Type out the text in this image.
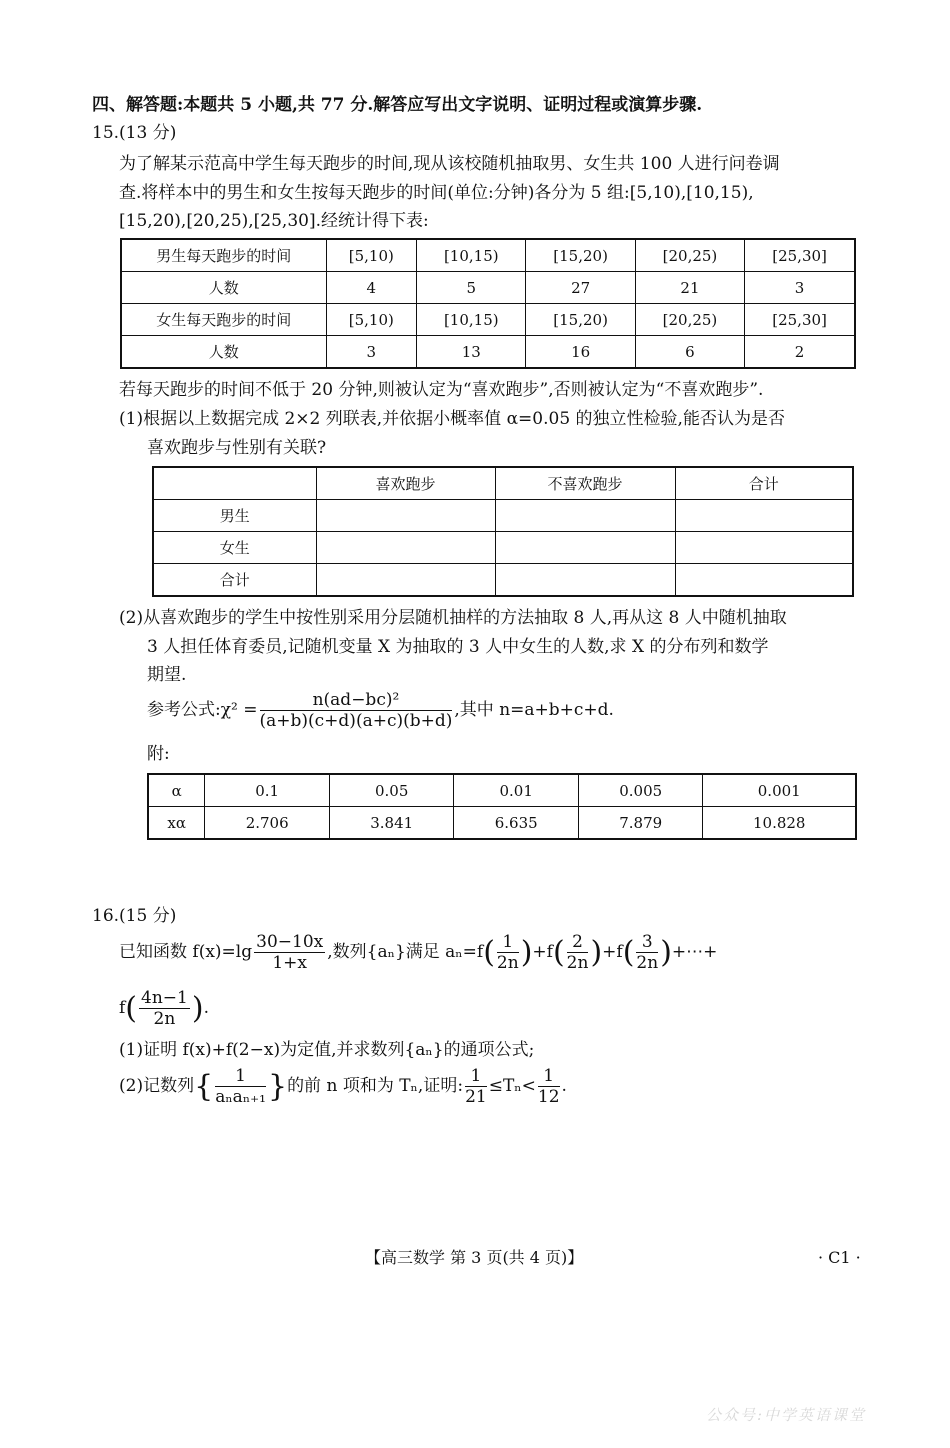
四、解答题:本题共 5 小题,共 77 分.解答应写出文字说明、证明过程或演算步骤.
15.(13 分)
为了解某示范高中学生每天跑步的时间,现从该校随机抽取男、女生共 100 人进行问卷调
查.将样本中的男生和女生按每天跑步的时间(单位:分钟)各分为 5 组:[5,10),[10,15),
[15,20),[20,25),[25,30].经统计得下表:
男生每天跑步的时间	[5,10)	[10,15)	[15,20)	[20,25)	[25,30]
人数	4	5	27	21	3
女生每天跑步的时间	[5,10)	[10,15)	[15,20)	[20,25)	[25,30]
人数	3	13	16	6	2
若每天跑步的时间不低于 20 分钟,则被认定为“喜欢跑步”,否则被认定为“不喜欢跑步”.
(1)根据以上数据完成 2×2 列联表,并依据小概率值 α=0.05 的独立性检验,能否认为是否
喜欢跑步与性别有关联?
	喜欢跑步	不喜欢跑步	合计
男生			
女生			
合计			
(2)从喜欢跑步的学生中按性别采用分层随机抽样的方法抽取 8 人,再从这 8 人中随机抽取
3 人担任体育委员,记随机变量 X 为抽取的 3 人中女生的人数,求 X 的分布列和数学
期望.
参考公式:χ² = $\frac{\text{n(ad−bc)²}}{(a+b)(c+d)(a+c)(b+d)}$ ,其中 n=a+b+c+d.
附:
α	0.1	0.05	0.01	0.005	0.001
xα	2.706	3.841	6.635	7.879	10.828
16.(15 分)
已知函数 $f(x)=\lg \frac{30-10x}{1+x}$ ,数列{aₙ}满足 $a_n=f( \frac{1}{2n} )+f( \frac{2}{2n} )+f( \frac{3}{2n}$ )+⋯+
$f( \frac{4n-1}{2n}$ ).
(1)证明 f(x)+f(2−x)为定值,并求数列{aₙ}的通项公式;
(2)记数列{	1
aₙaₙ₊₁ }的前 n 项和为 Tₙ,证明: $\frac{1}{21} \le T_n< \frac{1}{12}$ .
【高三数学 第 3 页(共 4 页)】	· C1 ·
公众号:中学英语课堂
